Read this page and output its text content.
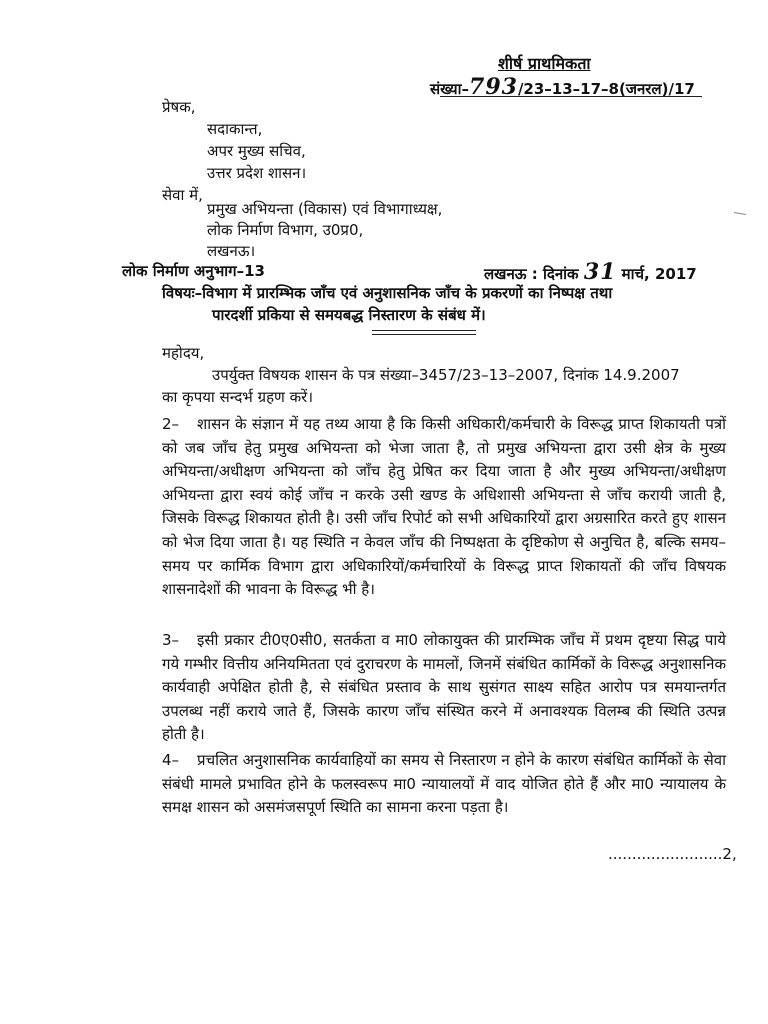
शीर्ष प्राथमिकता
संख्या–793/23–13–17–8(जनरल)/17
प्रेषक,
सदाकान्त,
अपर मुख्य सचिव,
उत्तर प्रदेश शासन।
सेवा में,
प्रमुख अभियन्ता (विकास) एवं विभागाध्यक्ष,
लोक निर्माण विभाग, उ0प्र0,
लखनऊ।
लोक निर्माण अनुभाग–13	लखनऊ : दिनांक 31 मार्च, 2017
विषयः–विभाग में प्रारम्भिक जाँच एवं अनुशासनिक जाँच के प्रकरणों का निष्पक्ष तथा
पारदर्शी प्रकिया से समयबद्ध निस्तारण के संबंध में।
महोदय,
उपर्युक्त विषयक शासन के पत्र संख्या–3457/23–13–2007, दिनांक 14.9.2007
का कृपया सन्दर्भ ग्रहण करें।

2– शासन के संज्ञान में यह तथ्य आया है कि किसी अधिकारी/कर्मचारी के विरूद्ध प्राप्त शिकायती पत्रों को जब जाँच हेतु प्रमुख अभियन्ता को भेजा जाता है, तो प्रमुख अभियन्ता द्वारा उसी क्षेत्र के मुख्य अभियन्ता/अधीक्षण अभियन्ता को जाँच हेतु प्रेषित कर दिया जाता है और मुख्य अभियन्ता/अधीक्षण अभियन्ता द्वारा स्वयं कोई जाँच न करके उसी खण्ड के अधिशासी अभियन्ता से जाँच करायी जाती है, जिसके विरूद्ध शिकायत होती है। उसी जाँच रिपोर्ट को सभी अधिकारियों द्वारा अग्रसारित करते हुए शासन को भेज दिया जाता है। यह स्थिति न केवल जाँच की निष्पक्षता के दृष्टिकोण से अनुचित है, बल्कि समय–समय पर कार्मिक विभाग द्वारा अधिकारियों/कर्मचारियों के विरूद्ध प्राप्त शिकायतों की जाँच विषयक शासनादेशों की भावना के विरूद्ध भी है।

3– इसी प्रकार टी0ए0सी0, सतर्कता व मा0 लोकायुक्त की प्रारम्भिक जाँच में प्रथम दृष्टया सिद्ध पाये गये गम्भीर वित्तीय अनियमितता एवं दुराचरण के मामलों, जिनमें संबंधित कार्मिकों के विरूद्ध अनुशासनिक कार्यवाही अपेक्षित होती है, से संबंधित प्रस्ताव के साथ सुसंगत साक्ष्य सहित आरोप पत्र समयान्तर्गत उपलब्ध नहीं कराये जाते हैं, जिसके कारण जाँच संस्थित करने में अनावश्यक विलम्ब की स्थिति उत्पन्न होती है।

4– प्रचलित अनुशासनिक कार्यवाहियों का समय से निस्तारण न होने के कारण संबंधित कार्मिकों के सेवा संबंधी मामले प्रभावित होने के फलस्वरूप मा0 न्यायालयों में वाद योजित होते हैं और मा0 न्यायालय के समक्ष शासन को असमंजसपूर्ण स्थिति का सामना करना पड़ता है।

........................2,
